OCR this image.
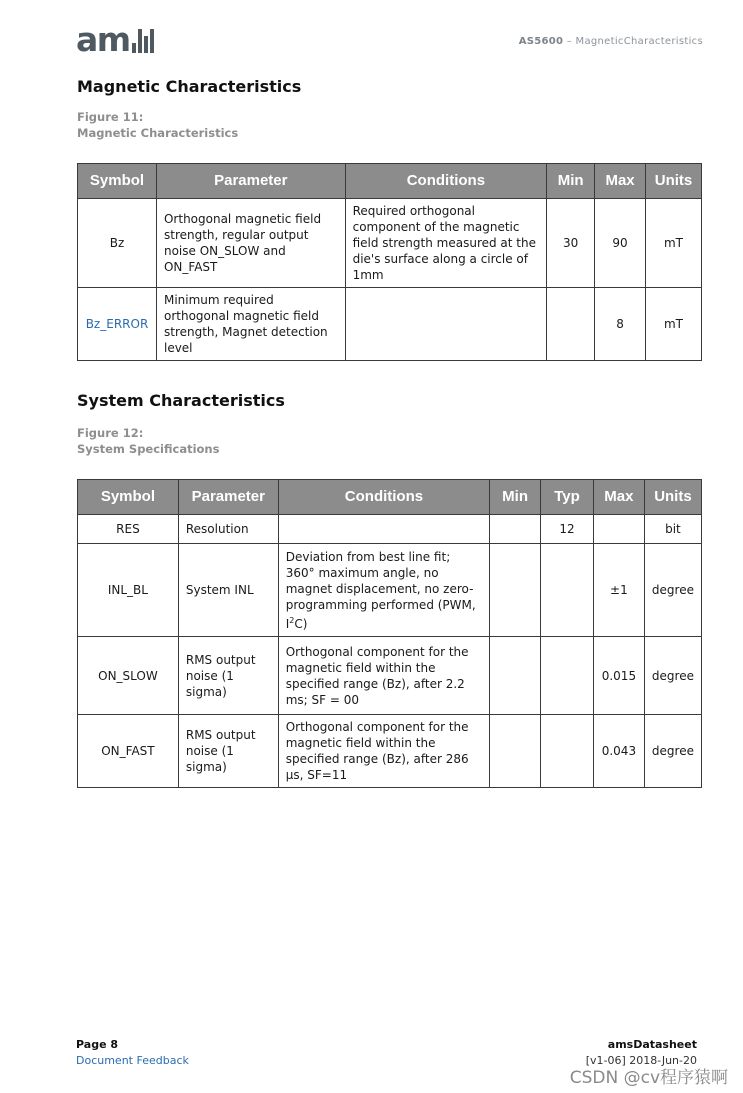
am	AS5600 – MagneticCharacteristics
Magnetic Characteristics
Figure 11:
Magnetic Characteristics
Symbol	Parameter	Conditions	Min	Max	Units
Bz	Orthogonal magnetic field strength, regular output noise ON_SLOW and ON_FAST	Required orthogonal component of the magnetic field strength measured at the die's surface along a circle of 1mm	30	90	mT
Bz_ERROR	Minimum required orthogonal magnetic field strength, Magnet detection level			8	mT
System Characteristics
Figure 12:
System Specifications
Symbol	Parameter	Conditions	Min	Typ	Max	Units
RES	Resolution			12		bit
INL_BL	System INL	Deviation from best line fit; 360° maximum angle, no magnet displacement, no zero-programming performed (PWM, $I^2C$)			±1	degree
ON_SLOW	RMS output noise (1 sigma)	Orthogonal component for the magnetic field within the specified range (Bz), after 2.2 ms; SF = 00			0.015	degree
ON_FAST	RMS output noise (1 sigma)	Orthogonal component for the magnetic field within the specified range (Bz), after 286 µs, SF=11			0.043	degree
Page 8
Document Feedback
amsDatasheet
[v1-06] 2018-Jun-20
CSDN @cv程序猿啊
